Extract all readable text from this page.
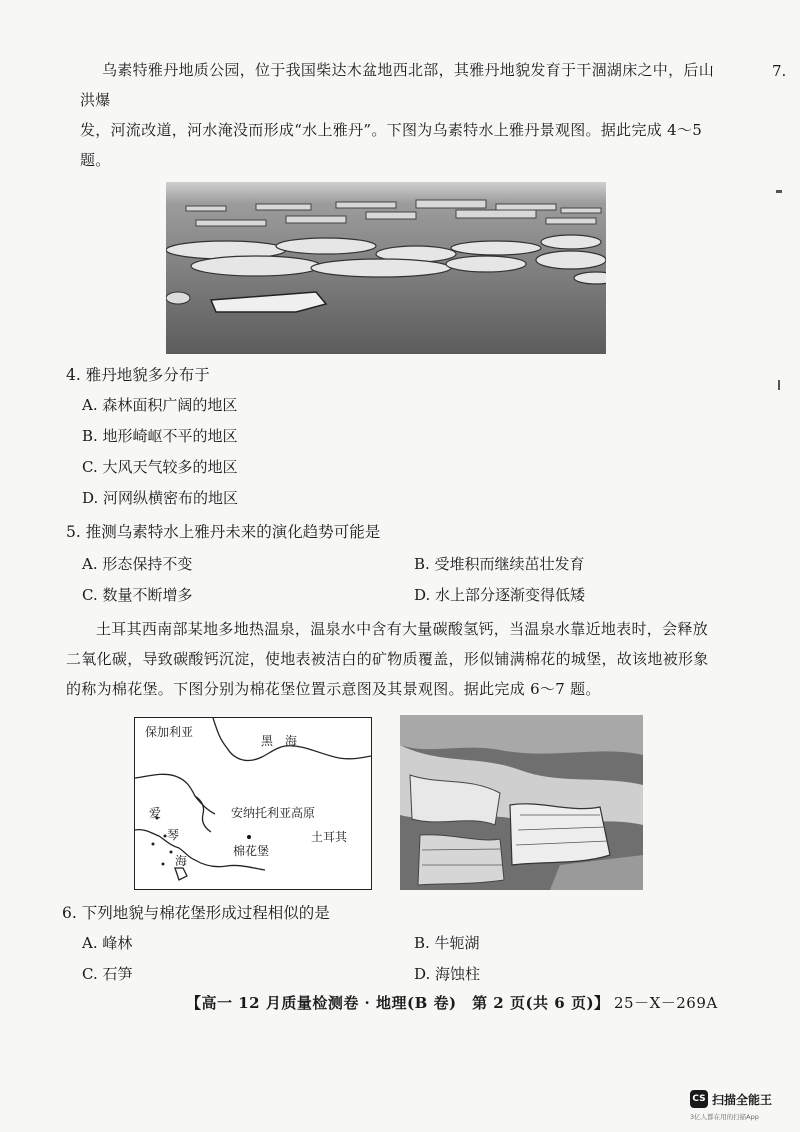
乌素特雅丹地质公园，位于我国柴达木盆地西北部，其雅丹地貌发育于干涸湖床之中，后山洪爆
发，河流改道，河水淹没而形成“水上雅丹”。下图为乌素特水上雅丹景观图。据此完成 4～5 题。
7.
4. 雅丹地貌多分布于
A. 森林面积广阔的地区
B. 地形崎岖不平的地区
C. 大风天气较多的地区
D. 河网纵横密布的地区
5. 推测乌素特水上雅丹未来的演化趋势可能是
A. 形态保持不变	B. 受堆积而继续茁壮发育
C. 数量不断增多	D. 水上部分逐渐变得低矮
土耳其西南部某地多地热温泉，温泉水中含有大量碳酸氢钙，当温泉水靠近地表时，会释放
二氧化碳，导致碳酸钙沉淀，使地表被洁白的矿物质覆盖，形似铺满棉花的城堡，故该地被形象
的称为棉花堡。下图分别为棉花堡位置示意图及其景观图。据此完成 6～7 题。
保加利亚
黑　海
安纳托利亚高原
土耳其
爱
琴
海
棉花堡
6. 下列地貌与棉花堡形成过程相似的是
A. 峰林	B. 牛轭湖
C. 石笋	D. 海蚀柱
【高一 12 月质量检测卷 · 地理(B 卷)　第 2 页(共 6 页)】 25－X－269A
CS 扫描全能王
3亿人都在用的扫描App
